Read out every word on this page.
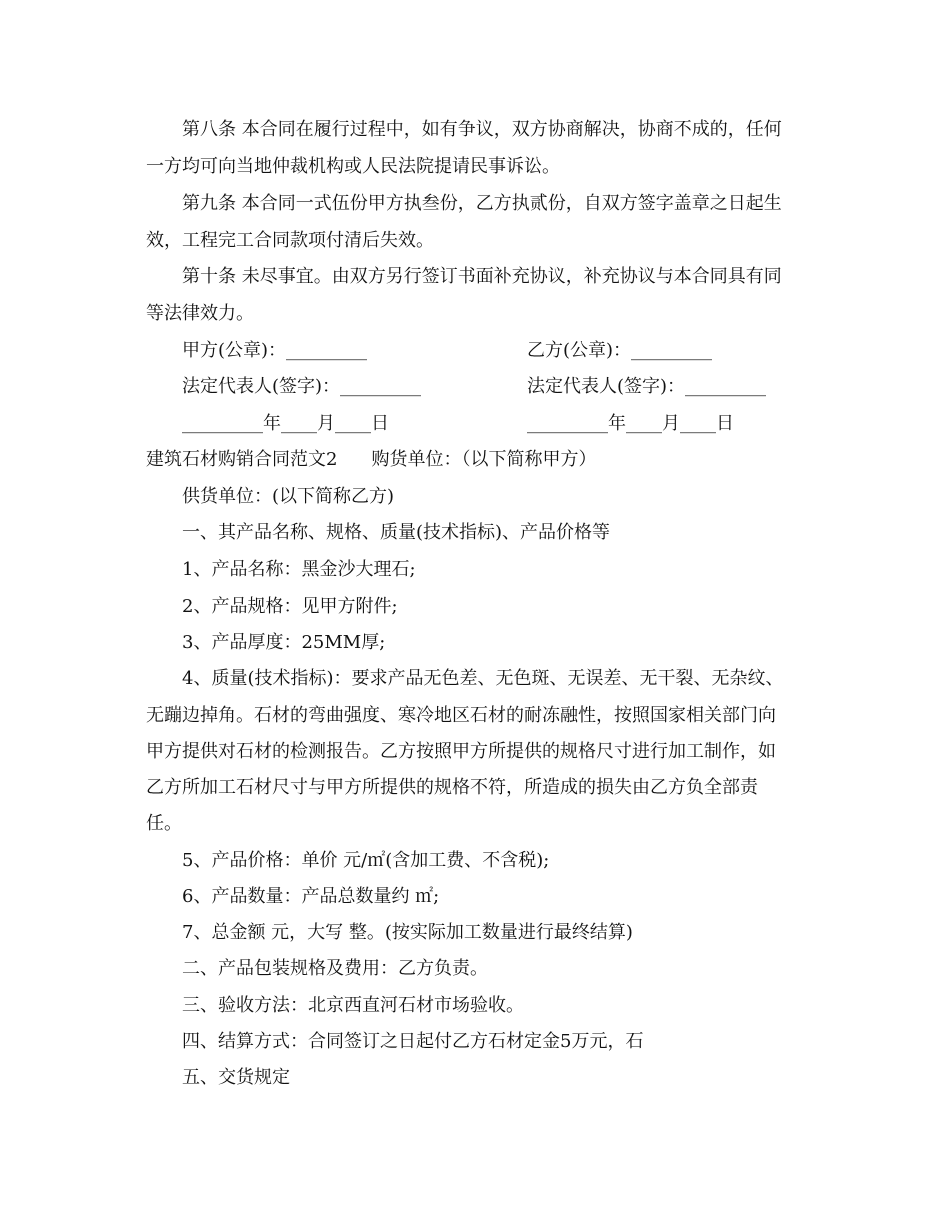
第八条 本合同在履行过程中，如有争议，双方协商解决，协商不成的，任何
一方均可向当地仲裁机构或人民法院提请民事诉讼。
第九条 本合同一式伍份甲方执叁份，乙方执贰份，自双方签字盖章之日起生
效，工程完工合同款项付清后失效。
第十条 未尽事宜。由双方另行签订书面补充协议，补充协议与本合同具有同
等法律效力。
甲方(公章)：_________	乙方(公章)：_________
法定代表人(签字)：_________	法定代表人(签字)：_________
_________年____月____日	_________年____月____日
建筑石材购销合同范文2 购货单位：（以下简称甲方）
供货单位：(以下简称乙方)
一、其产品名称、规格、质量(技术指标)、产品价格等
1、产品名称：黑金沙大理石;
2、产品规格：见甲方附件;
3、产品厚度：25MM厚;
4、质量(技术指标)：要求产品无色差、无色斑、无误差、无干裂、无杂纹、
无蹦边掉角。石材的弯曲强度、寒冷地区石材的耐冻融性，按照国家相关部门向
甲方提供对石材的检测报告。乙方按照甲方所提供的规格尺寸进行加工制作，如
乙方所加工石材尺寸与甲方所提供的规格不符，所造成的损失由乙方负全部责
任。
5、产品价格：单价 元/㎡(含加工费、不含税);
6、产品数量：产品总数量约 ㎡;
7、总金额 元，大写 整。(按实际加工数量进行最终结算)
二、产品包装规格及费用：乙方负责。
三、验收方法：北京西直河石材市场验收。
四、结算方式：合同签订之日起付乙方石材定金5万元，石
五、交货规定
